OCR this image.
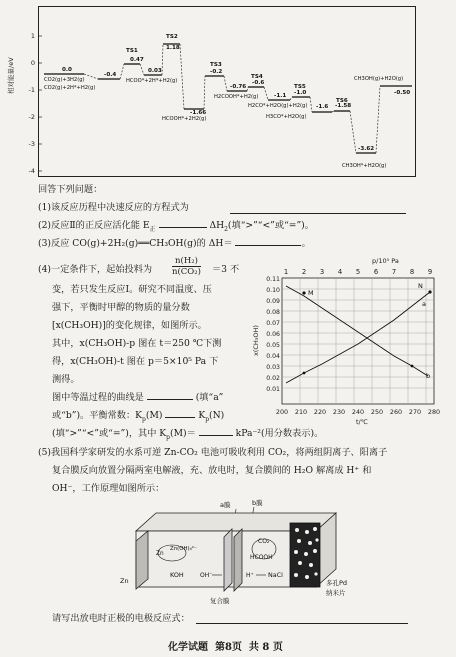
相对能量/eV
1
0
-1
-2
-3
-4
0.0
-0.4
0.47
0.03
1.18
-1.66
-0.2
-0.76
-0.6
-1.1 -1.0
-1.6 -1.58
-3.62
-0.50
TS1
TS2
TS3
TS4
TS5
TS6
CO2(g)+3H2(g)
CO2(g)+2H*+H2(g)
HCOO*+2H*+H2(g)
HCOOH*+2H2(g)
H2COOH*+H2(g)
H2CO*+H2O(g)+H2(g)
H3CO*+H2O(g)
CH3OH*+H2O(g)
CH3OH(g)+H2O(g)
回答下列问题：
(1)该反应历程中决速反应的方程式为
(2)反应Ⅱ的正反应活化能 $E_正$	$\Delta H_2$(填“>”“<”或“=”)。
(3)反应 CO(g)+2H₂(g)══CH₃OH(g)的 ΔH＝	。
(4)一定条件下，起始投料为
n(H₂)
n(CO₂) ＝3 不
变，若只发生反应Ⅰ。研究不同温度、压
强下，平衡时甲醇的物质的量分数
[x(CH₃OH)]的变化规律，如图所示。
其中，x(CH₃OH)-p 图在 t＝250 ℃下测
得，x(CH₃OH)-t 图在 p＝5×10⁵ Pa 下
测得。
图中等温过程的曲线是	(填“a”
或“b”)。平衡常数：$K_p(M)$	$K_p(N)$
(填“>”“<”或“=”)，其中 $K_p(M)=$	kPa⁻²(用分数表示)。
p/10⁵ Pa
1 2 3 4 5 6 7 8 9
0.11
0.10
0.09
0.08
0.07
0.06
0.05
0.04
0.03
0.02
0.01
x(CH₃OH)
200 210 220 230 240 250 260 270 280
t/℃
M
N
a
b
(5)我国科学家研发的水系可逆 Zn-CO₂ 电池可吸收利用 CO₂，将两组阴离子、阳离子
复合膜反向放置分隔两室电解液，充、放电时，复合膜间的 H₂O 解离成 H⁺ 和
OH⁻，工作原理如图所示：
a膜	b膜
Zn
Zn(OH)₄²⁻
KOH	OH⁻	H⁺
CO₂
HCOOH
NaCl
Zn
复合膜
多孔Pd
纳米片
请写出放电时正极的电极反应式：
化学试题 第8页 共 8 页
